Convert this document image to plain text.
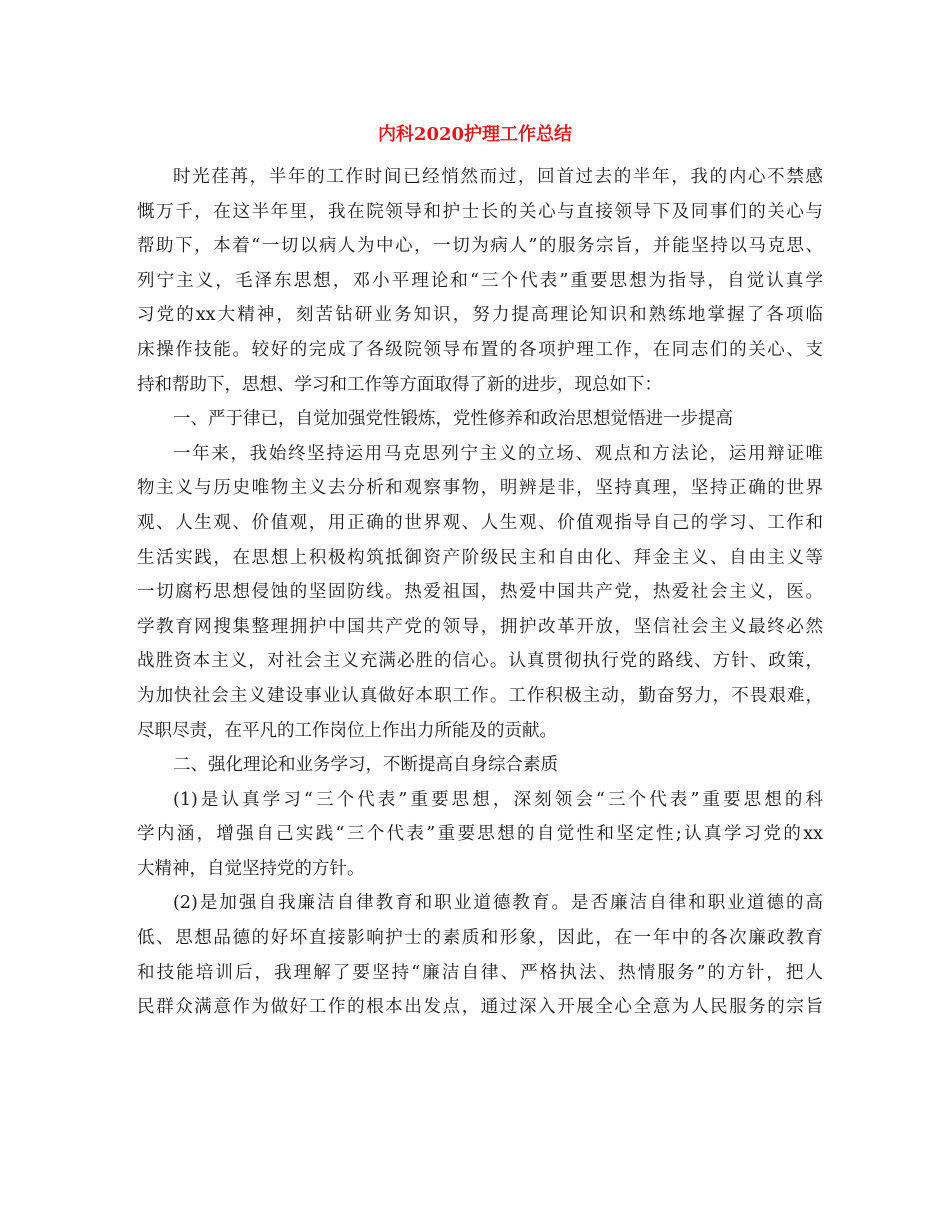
内科2020护理工作总结
时光荏苒，半年的工作时间已经悄然而过，回首过去的半年，我的内心不禁感
慨万千，在这半年里，我在院领导和护士长的关心与直接领导下及同事们的关心与
帮助下，本着“一切以病人为中心，一切为病人”的服务宗旨，并能坚持以马克思、
列宁主义，毛泽东思想，邓小平理论和“三个代表”重要思想为指导，自觉认真学
习党的xx大精神，刻苦钻研业务知识，努力提高理论知识和熟练地掌握了各项临
床操作技能。较好的完成了各级院领导布置的各项护理工作，在同志们的关心、支
持和帮助下，思想、学习和工作等方面取得了新的进步，现总如下：
一、严于律已，自觉加强党性锻炼，党性修养和政治思想觉悟进一步提高
一年来，我始终坚持运用马克思列宁主义的立场、观点和方法论，运用辩证唯
物主义与历史唯物主义去分析和观察事物，明辨是非，坚持真理，坚持正确的世界
观、人生观、价值观，用正确的世界观、人生观、价值观指导自己的学习、工作和
生活实践，在思想上积极构筑抵御资产阶级民主和自由化、拜金主义、自由主义等
一切腐朽思想侵蚀的坚固防线。热爱祖国，热爱中国共产党，热爱社会主义，医。
学教育网搜集整理拥护中国共产党的领导，拥护改革开放，坚信社会主义最终必然
战胜资本主义，对社会主义充满必胜的信心。认真贯彻执行党的路线、方针、政策，
为加快社会主义建设事业认真做好本职工作。工作积极主动，勤奋努力，不畏艰难，
尽职尽责，在平凡的工作岗位上作出力所能及的贡献。
二、强化理论和业务学习，不断提高自身综合素质
(1)是认真学习“三个代表”重要思想，深刻领会“三个代表”重要思想的科
学内涵，增强自己实践“三个代表”重要思想的自觉性和坚定性;认真学习党的xx
大精神，自觉坚持党的方针。
(2)是加强自我廉洁自律教育和职业道德教育。是否廉洁自律和职业道德的高
低、思想品德的好坏直接影响护士的素质和形象，因此，在一年中的各次廉政教育
和技能培训后，我理解了要坚持“廉洁自律、严格执法、热情服务”的方针，把人
民群众满意作为做好工作的根本出发点，通过深入开展全心全意为人民服务的宗旨
